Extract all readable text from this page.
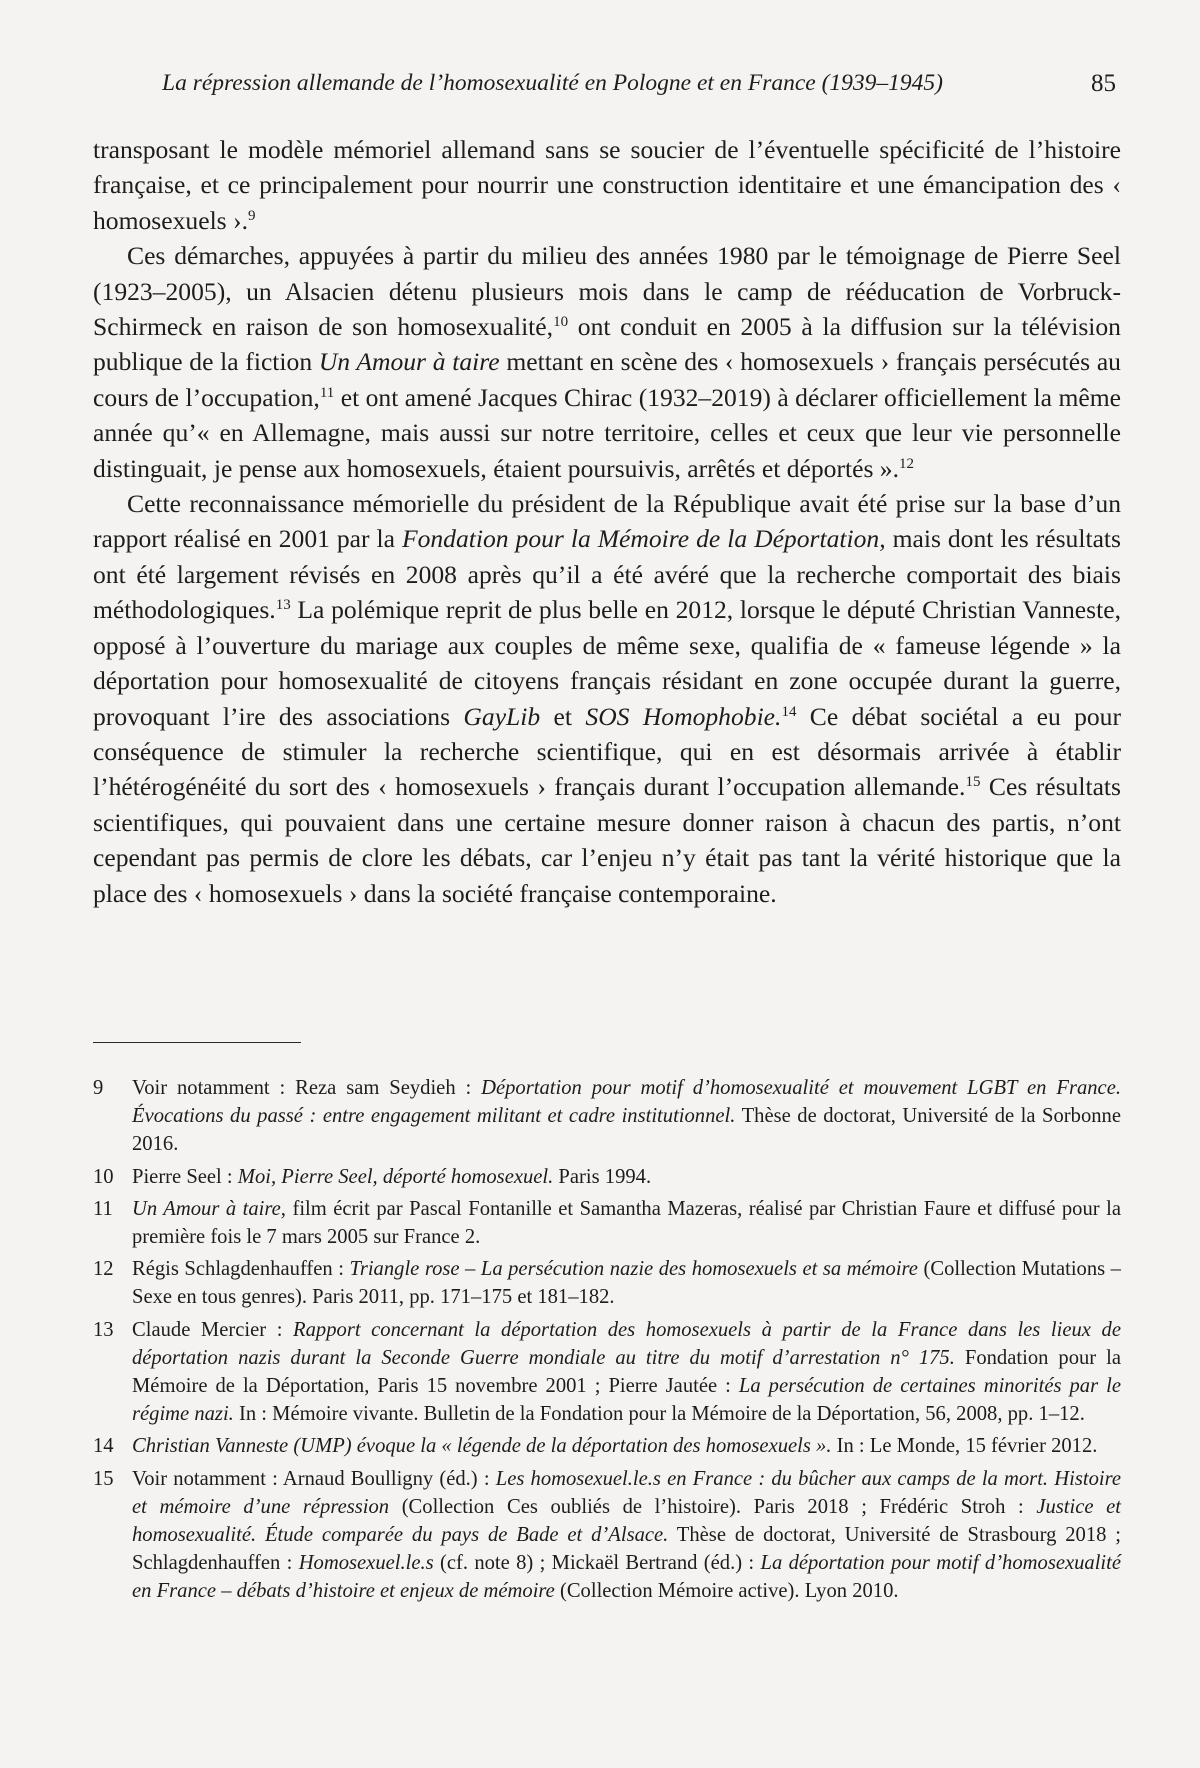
La répression allemande de l’homosexualité en Pologne et en France (1939–1945)	85

transposant le modèle mémoriel allemand sans se soucier de l’éventuelle spécificité de l’histoire française, et ce principalement pour nourrir une construction identitaire et une émancipation des ‹ homosexuels ›.$^9$

Ces démarches, appuyées à partir du milieu des années 1980 par le témoignage de Pierre Seel (1923–2005), un Alsacien détenu plusieurs mois dans le camp de rééducation de Vorbruck-Schirmeck en raison de son homosexualité,$^{10}$ ont conduit en 2005 à la diffusion sur la télévision publique de la fiction Un Amour à taire mettant en scène des ‹ homosexuels › français persécutés au cours de l’occupation,$^{11}$ et ont amené Jacques Chirac (1932–2019) à déclarer officiellement la même année qu’« en Allemagne, mais aussi sur notre territoire, celles et ceux que leur vie personnelle distinguait, je pense aux homosexuels, étaient poursuivis, arrêtés et déportés ».$^{12}$

Cette reconnaissance mémorielle du président de la République avait été prise sur la base d’un rapport réalisé en 2001 par la Fondation pour la Mémoire de la Déportation, mais dont les résultats ont été largement révisés en 2008 après qu’il a été avéré que la recherche comportait des biais méthodologiques.$^{13}$ La polémique reprit de plus belle en 2012, lorsque le député Christian Vanneste, opposé à l’ouverture du mariage aux couples de même sexe, qualifia de « fameuse légende » la déportation pour homosexualité de citoyens français résidant en zone occupée durant la guerre, provoquant l’ire des associations GayLib et SOS Homophobie.$^{14}$ Ce débat sociétal a eu pour conséquence de stimuler la recherche scientifique, qui en est désormais arrivée à établir l’hétérogénéité du sort des ‹ homosexuels › français durant l’occupation allemande.$^{15}$ Ces résultats scientifiques, qui pouvaient dans une certaine mesure donner raison à chacun des partis, n’ont cependant pas permis de clore les débats, car l’enjeu n’y était pas tant la vérité historique que la place des ‹ homosexuels › dans la société française contemporaine.

9	Voir notamment : Reza sam Seydieh : Déportation pour motif d’homosexualité et mouvement LGBT en France. Évocations du passé : entre engagement militant et cadre institutionnel. Thèse de doctorat, Université de la Sorbonne 2016.
10 Pierre Seel : Moi, Pierre Seel, déporté homosexuel. Paris 1994.
11 Un Amour à taire, film écrit par Pascal Fontanille et Samantha Mazeras, réalisé par Christian Faure et diffusé pour la première fois le 7 mars 2005 sur France 2.
12 Régis Schlagdenhauffen : Triangle rose – La persécution nazie des homosexuels et sa mémoire (Collection Mutations – Sexe en tous genres). Paris 2011, pp. 171–175 et 181–182.
13 Claude Mercier : Rapport concernant la déportation des homosexuels à partir de la France dans les lieux de déportation nazis durant la Seconde Guerre mondiale au titre du motif d’arrestation n° 175. Fondation pour la Mémoire de la Déportation, Paris 15 novembre 2001 ; Pierre Jautée : La persécution de certaines minorités par le régime nazi. In : Mémoire vivante. Bulletin de la Fondation pour la Mémoire de la Déportation, 56, 2008, pp. 1–12.
14 Christian Vanneste (UMP) évoque la « légende de la déportation des homosexuels ». In : Le Monde, 15 février 2012.
15 Voir notamment : Arnaud Boulligny (éd.) : Les homosexuel.le.s en France : du bûcher aux camps de la mort. Histoire et mémoire d’une répression (Collection Ces oubliés de l’histoire). Paris 2018 ; Frédéric Stroh : Justice et homosexualité. Étude comparée du pays de Bade et d’Alsace. Thèse de doctorat, Université de Strasbourg 2018 ; Schlagdenhauffen : Homosexuel.le.s (cf. note 8) ; Mickaël Bertrand (éd.) : La déportation pour motif d’homosexualité en France – débats d’histoire et enjeux de mémoire (Collection Mémoire active). Lyon 2010.
